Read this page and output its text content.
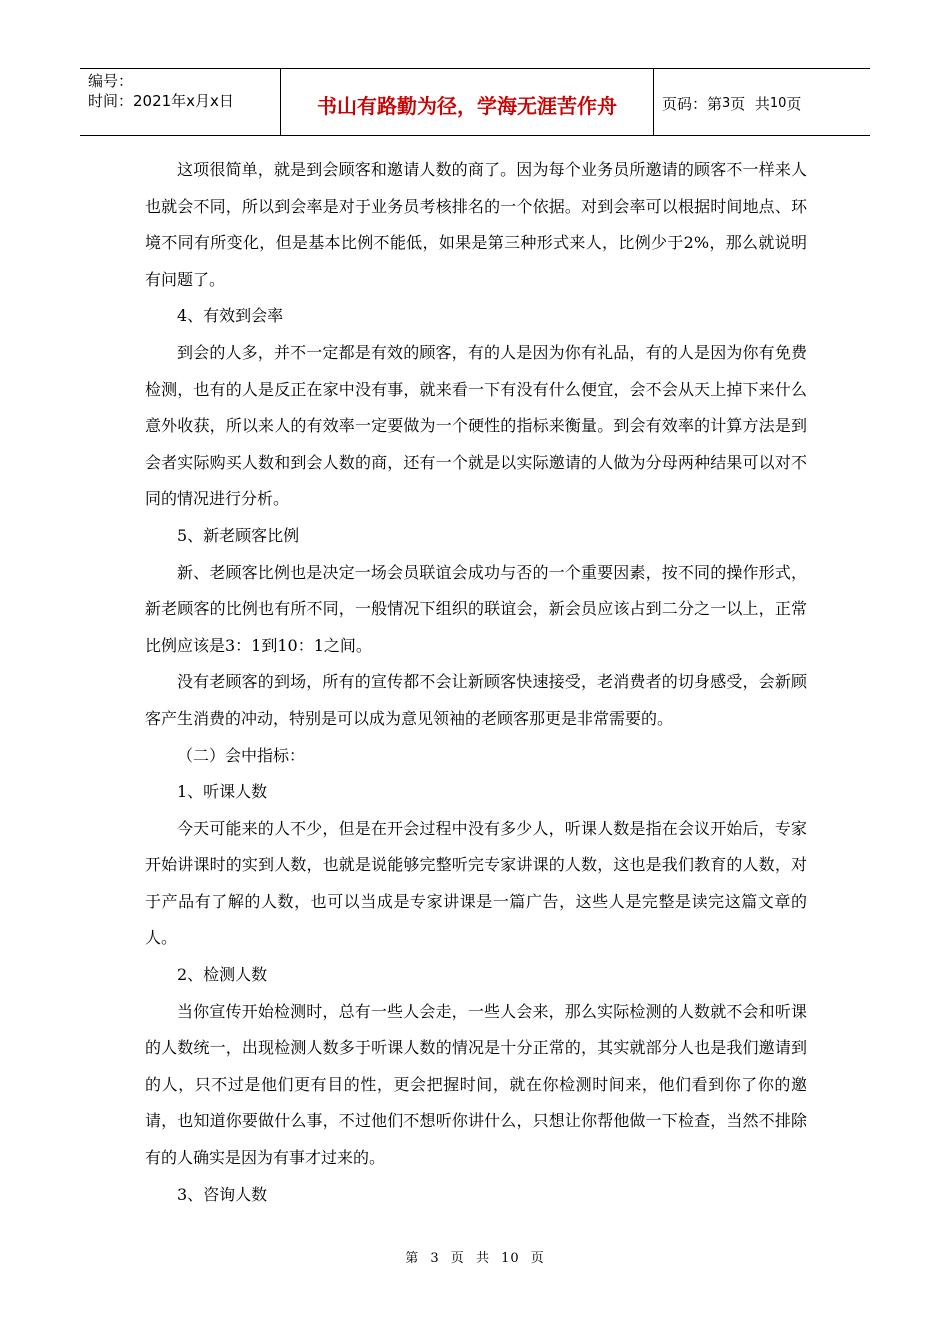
编号：
时间：2021年x月x日	书山有路勤为径，学海无涯苦作舟	页码：第 3 页  共 10 页

这项很简单，就是到会顾客和邀请人数的商了。因为每个业务员所邀请的顾客不一样来人也就会不同，所以到会率是对于业务员考核排名的一个依据。对到会率可以根据时间地点、环境不同有所变化，但是基本比例不能低，如果是第三种形式来人，比例少于2%，那么就说明有问题了。

4、有效到会率

到会的人多，并不一定都是有效的顾客，有的人是因为你有礼品，有的人是因为你有免费检测，也有的人是反正在家中没有事，就来看一下有没有什么便宜，会不会从天上掉下来什么意外收获，所以来人的有效率一定要做为一个硬性的指标来衡量。到会有效率的计算方法是到会者实际购买人数和到会人数的商，还有一个就是以实际邀请的人做为分母两种结果可以对不同的情况进行分析。

5、新老顾客比例

新、老顾客比例也是决定一场会员联谊会成功与否的一个重要因素，按不同的操作形式，新老顾客的比例也有所不同，一般情况下组织的联谊会，新会员应该占到二分之一以上，正常比例应该是3：1到10：1之间。

没有老顾客的到场，所有的宣传都不会让新顾客快速接受，老消费者的切身感受，会新顾客产生消费的冲动，特别是可以成为意见领袖的老顾客那更是非常需要的。

（二）会中指标：

1、听课人数

今天可能来的人不少，但是在开会过程中没有多少人，听课人数是指在会议开始后，专家开始讲课时的实到人数，也就是说能够完整听完专家讲课的人数，这也是我们教育的人数，对于产品有了解的人数，也可以当成是专家讲课是一篇广告，这些人是完整是读完这篇文章的人。

2、检测人数

当你宣传开始检测时，总有一些人会走，一些人会来，那么实际检测的人数就不会和听课的人数统一，出现检测人数多于听课人数的情况是十分正常的，其实就部分人也是我们邀请到的人，只不过是他们更有目的性，更会把握时间，就在你检测时间来，他们看到你了你的邀请，也知道你要做什么事，不过他们不想听你讲什么，只想让你帮他做一下检查，当然不排除有的人确实是因为有事才过来的。

3、咨询人数

第 3 页 共 10 页
